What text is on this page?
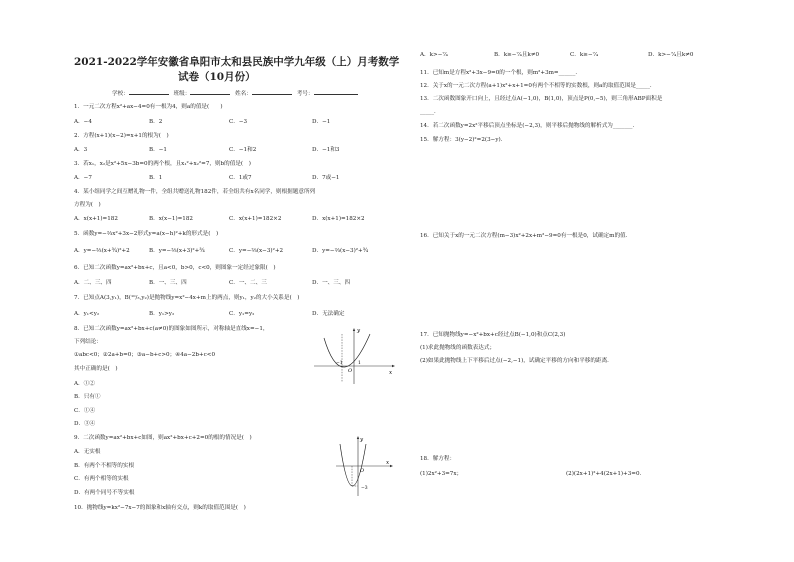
2021-2022学年安徽省阜阳市太和县民族中学九年级（上）月考数学
试卷（10月份）
学校：	班级：	姓名：	考号：
1．一元二次方程x²+ax−4=0有一根为4，则a的值是(　　)
A．−4	B．2	C．−3	D．−1
2．方程(x+1)(x−2)=x+1的根为(　)
A．3	B．−1	C．−1和2	D．−1和3
3．若x₁，x₂是x²+5x−3b=0的两个根，且x₁²+x₂²=7，则b的值是(　)
A．−7	B．1	C．1或7	D．7或−1
4．某小组同学之间互赠礼物一件，全组共赠送礼物182件，若全组共有x名同学，则根据题意所列
方程为(　)
A．x(x+1)=182	B．x(x−1)=182	C．x(x+1)=182×2	D．x(x+1)=182×2
5．函数y=−⅔x²+3x−2形式y=a(x−h)²+k的形式是(　)
A．y=−⅔(x+¾)²+2	B．y=−⅔(x+3)²+¾	C．y=−⅔(x−3)²+2	D．y=−⅔(x−3)²+¾
6．已知二次函数y=ax²+bx+c，且a<0，b>0，c<0，则图象一定经过象限(　)
A．二、三、四	B．一、三、四	C．一、二、三	D．一、三、四
7．已知点A(3,y₁)，B(¹⁰/₃,y₂)是抛物线y=x²−4x+m上的两点，则y₁，y₂的大小关系是(　)
A．y₁<y₂	B．y₁>y₂	C．y₁=y₂	D．无法确定
8．已知二次函数y=ax²+bx+c(a≠0)的图象如图所示，对称轴是直线x=−1，
下列结论：
①abc<0；②2a+b=0；③a−b+c>0；④4a−2b+c<0
其中正确的是(　)
A．①②
B．只有①
C．①④
D．③④
y
x
O
−1	1
9．二次函数y=ax²+bx+c如图，则ax²+bx+c+2=0的根的情况是(　)
A．无实根
B．有两个不相等的实根
C．有两个相等的实根
D．有两个同号不等实根
y
x
O
−3
10．抛物线y=kx²−7x−7的图象和x轴有交点，则k的取值范围是(　)
A．k>−⁷⁄₄	B．k≥−⁷⁄₄且k≠0	C．k≥−⁷⁄₄	D．k>−⁷⁄₄且k≠0
11．已知m是方程x²+3x−9=0的一个根，则m²+3m=______．
12．关于x的一元二次方程(a+1)x²+x+1=0有两个不相等的实数根，则a的取值范围是_____．
13．二次函数图象开口向上，且经过点A(−1,0)，B(1,0)，顶点是P(0,−5)，则三角形ABP面积是
_____．
14．若二次函数y=2x²平移后顶点坐标是(−2,3)，则平移后抛物线的解析式为_______．
15．解方程：3(y−2)²=2(3−y)．
16．已知关于x的一元二次方程(m−3)x²+2x+m²−9=0有一根是0，试确定m的值．
17．已知抛物线y=−x²+bx+c经过点B(−1,0)和点C(2,3)
(1)求此抛物线的函数表达式；
(2)如果此抛物线上下平移后过点(−2,−1)，试确定平移的方向和平移的距离．
18．解方程：
(1)2x²+3=7x；	(2)(2x+1)²+4(2x+1)+3=0．
